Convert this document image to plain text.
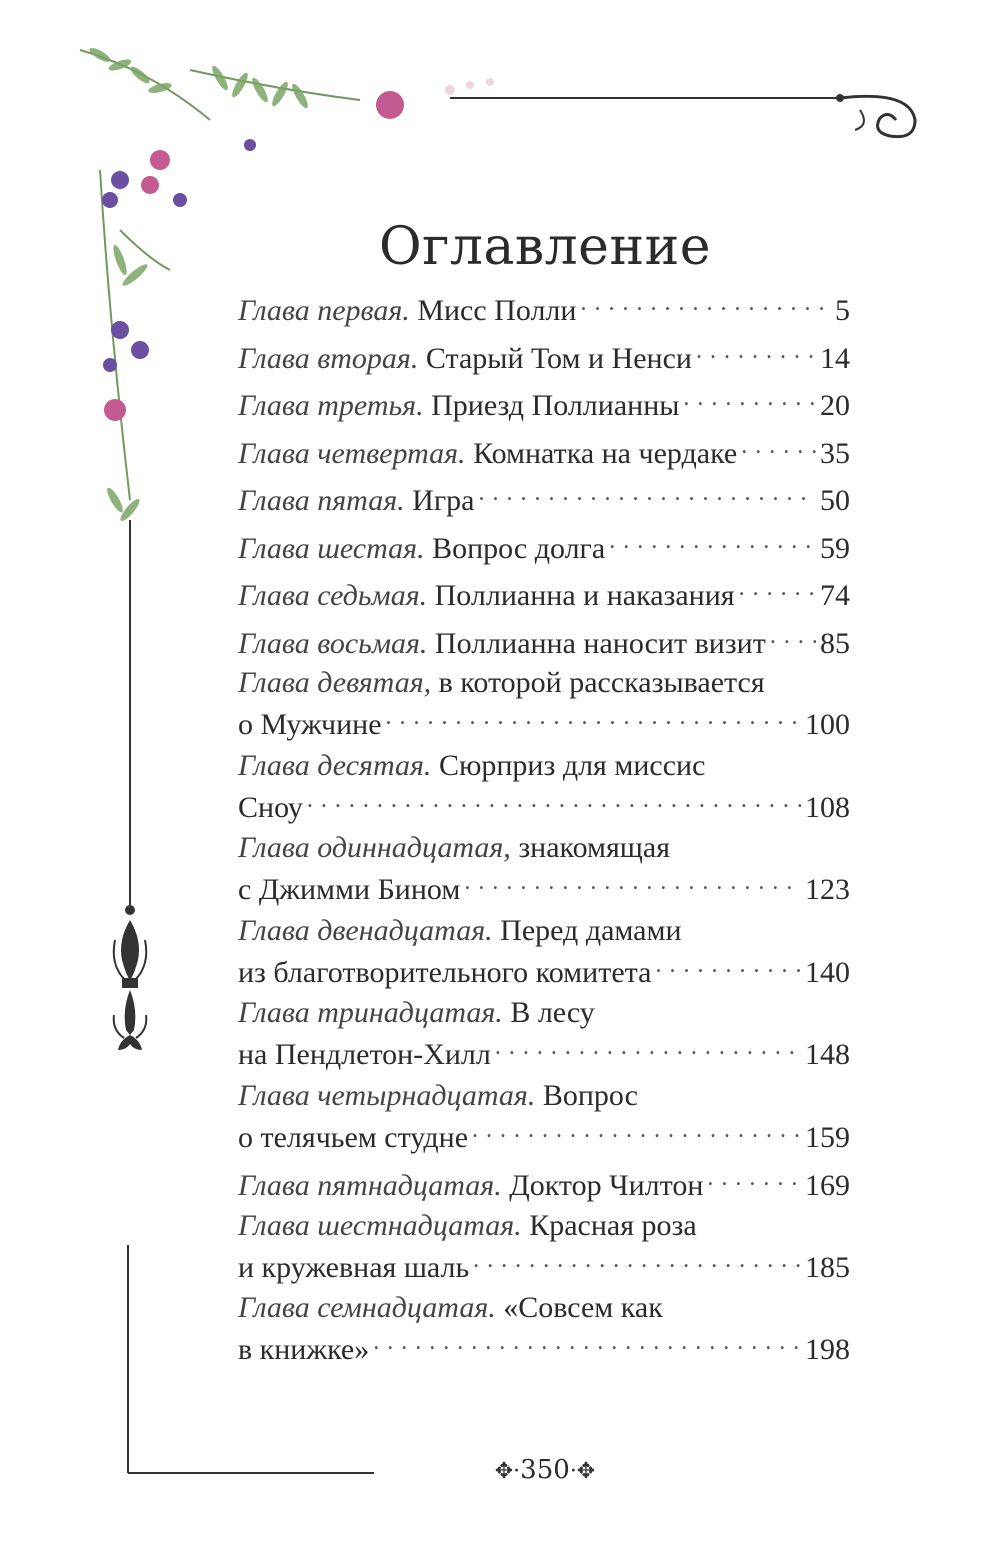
Оглавление
Глава первая.
Мисс Полли . . .	5
Глава вторая.
Старый Том и Ненси . . .	14
Глава третья.
Приезд Поллианны . . .	20
Глава четвертая.
Комнатка на чердаке . . .	35
Глава пятая.
Игра . . .	50
Глава шестая.
Вопрос долга . . .	59
Глава седьмая.
Поллианна и наказания . . .	74
Глава восьмая.
Поллианна наносит визит . . . 85
Глава девятая,
в которой рассказывается
о Мужчине . . .	100
Глава десятая.
Сюрприз для миссис
Сноу . . .	108
Глава одиннадцатая,
знакомящая
с Джимми Бином . . .	123
Глава двенадцатая.
Перед дамами
из благотворительного комитета . . .	140
Глава тринадцатая.
В лесу
на Пендлетон-Хилл . . .	148
Глава четырнадцатая.
Вопрос
о телячьем студне . . .	159
Глава пятнадцатая.
Доктор Чилтон . . .	169
Глава шестнадцатая.
Красная роза
и кружевная шаль . . .	185
Глава семнадцатая.
«Совсем как
в книжке» . . .	198
✥·350·✥
